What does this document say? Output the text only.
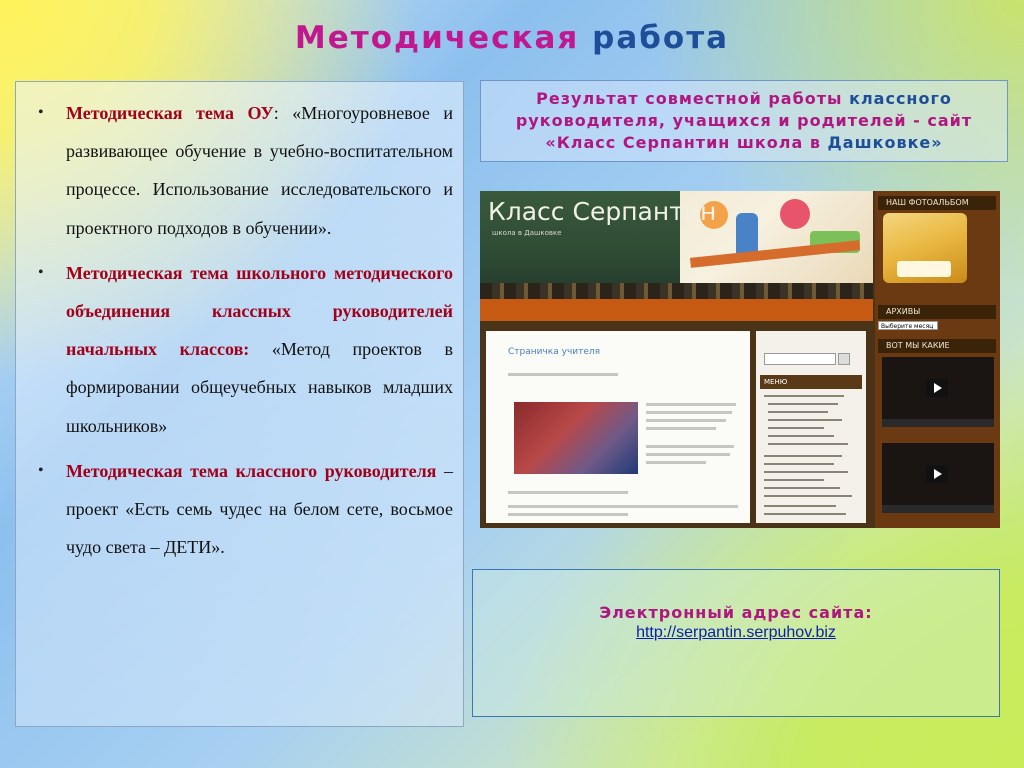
Методическая работа
• Методическая тема ОУ: «Многоуровневое и развивающее обучение в учебно-воспитательном процессе. Использование исследовательского и проектного подходов в обучении».
• Методическая тема школьного методического объединения классных руководителей начальных классов: «Метод проектов в формировании общеучебных навыков младших школьников»
• Методическая тема классного руководителя – проект «Есть семь чудес на белом сете, восьмое чудо света – ДЕТИ».
Результат совместной работы классного
руководителя, учащихся и родителей - сайт
«Класс Серпантин школа в Дашковке»
Класс Серпантин
школа в Дашковке
Страничка учителя
МЕНЮ
НАШ ФОТОАЛЬБОМ
АРХИВЫ
Выберите месяц
ВОТ МЫ КАКИЕ
Электронный адрес сайта:
http://serpantin.serpuhov.biz
